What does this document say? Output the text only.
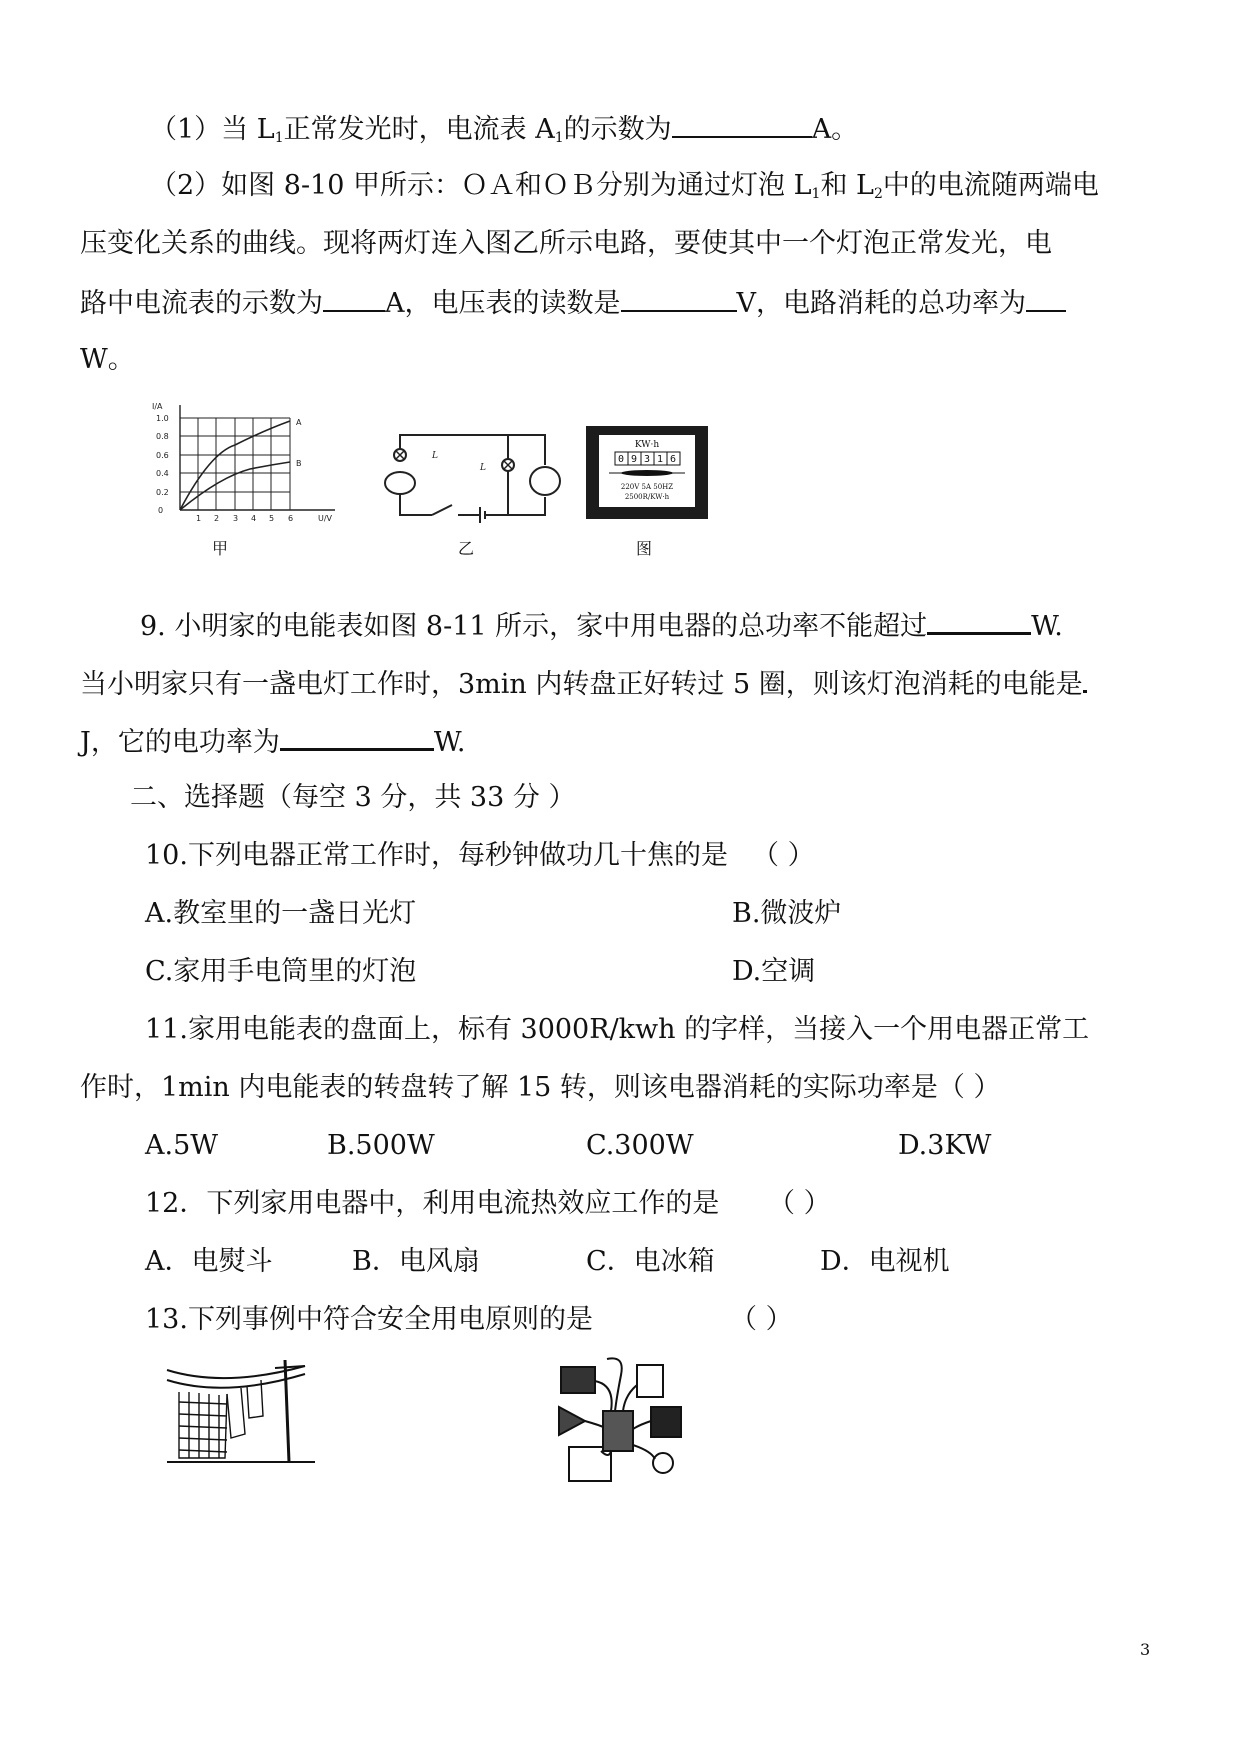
（1）当 $L_1$正常发光时，电流表 $A_1$的示数为	A。
（2）如图 8-10 甲所示：ＯＡ和ＯＢ分别为通过灯泡 $L_1$和 $L_2$中的电流随两端电
压变化关系的曲线。现将两灯连入图乙所示电路，要使其中一个灯泡正常发光，电
路中电流表的示数为 A，电压表的读数是	V，电路消耗的总功率为
W。
I/A
1.0
0.8
0.6
0.4
0.2
0
1 2 3 4 5 6	U/V
A
B
甲
L
L
乙
KW·h
0 9 3 1 6
220V 5A 50HZ
2500R/KW·h
图
9. 小明家的电能表如图 8-11 所示，家中用电器的总功率不能超过	W.
当小明家只有一盏电灯工作时，3min 内转盘正好转过 5 圈，则该灯泡消耗的电能是
J，它的电功率为	W.
二、选择题（每空 3 分，共 33 分 ）
10.下列电器正常工作时，每秒钟做功几十焦的是 （ ）
A.教室里的一盏日光灯	B.微波炉
C.家用手电筒里的灯泡	D.空调
11.家用电能表的盘面上，标有 3000R/kwh 的字样，当接入一个用电器正常工
作时，1min 内电能表的转盘转了解 15 转，则该电器消耗的实际功率是（ ）
A.5W	B.500W	C.300W	D.3KW
12．下列家用电器中，利用电流热效应工作的是 （ ）
A．电熨斗	B．电风扇	C．电冰箱	D．电视机
13.下列事例中符合安全用电原则的是	（ ）
3
